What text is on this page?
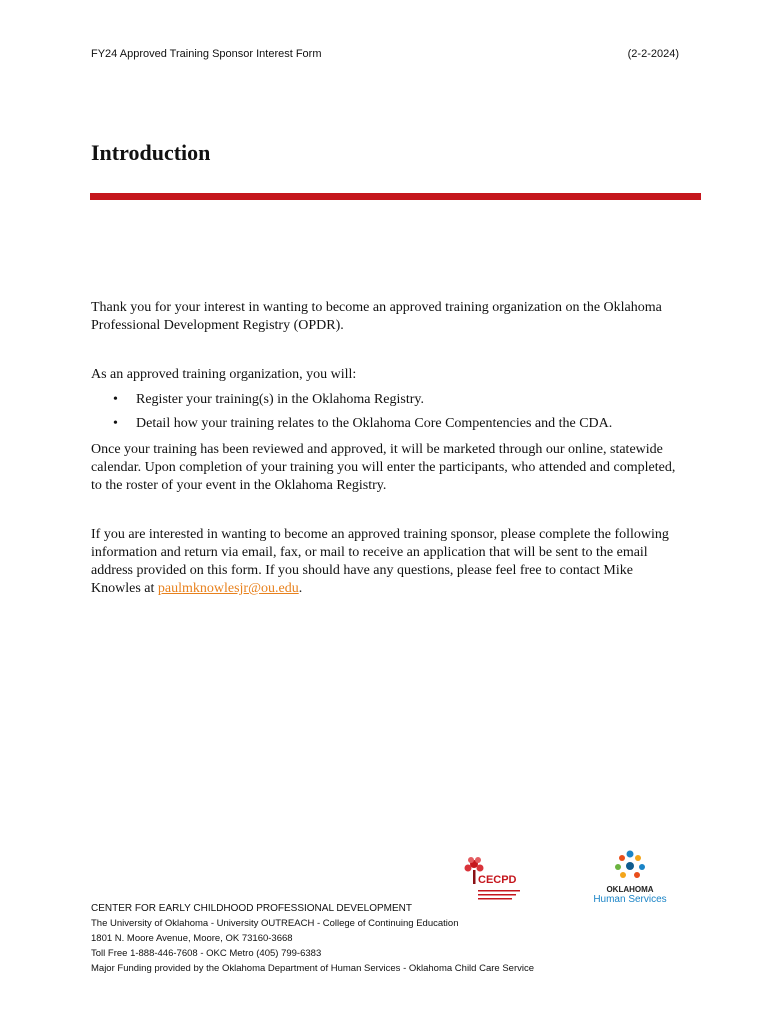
FY24 Approved Training Sponsor Interest Form	(2-2-2024)
Introduction

Thank you for your interest in wanting to become an approved training organization on the Oklahoma Professional Development Registry (OPDR).

As an approved training organization, you will:

• Register your training(s) in the Oklahoma Registry.
• Detail how your training relates to the Oklahoma Core Compentencies and the CDA.

Once your training has been reviewed and approved, it will be marketed through our online, statewide calendar. Upon completion of your training you will enter the participants, who attended and completed, to the roster of your event in the Oklahoma Registry.

If you are interested in wanting to become an approved training sponsor, please complete the following information and return via email, fax, or mail to receive an application that will be sent to the email address provided on this form. If you should have any questions, please feel free to contact Mike Knowles at paulmknowlesjr@ou.edu.

CECPD
OKLAHOMA
Human Services
CENTER FOR EARLY CHILDHOOD PROFESSIONAL DEVELOPMENT
The University of Oklahoma - University OUTREACH - College of Continuing Education
1801 N. Moore Avenue, Moore, OK 73160-3668
Toll Free 1-888-446-7608 - OKC Metro (405) 799-6383
Major Funding provided by the Oklahoma Department of Human Services - Oklahoma Child Care Service
